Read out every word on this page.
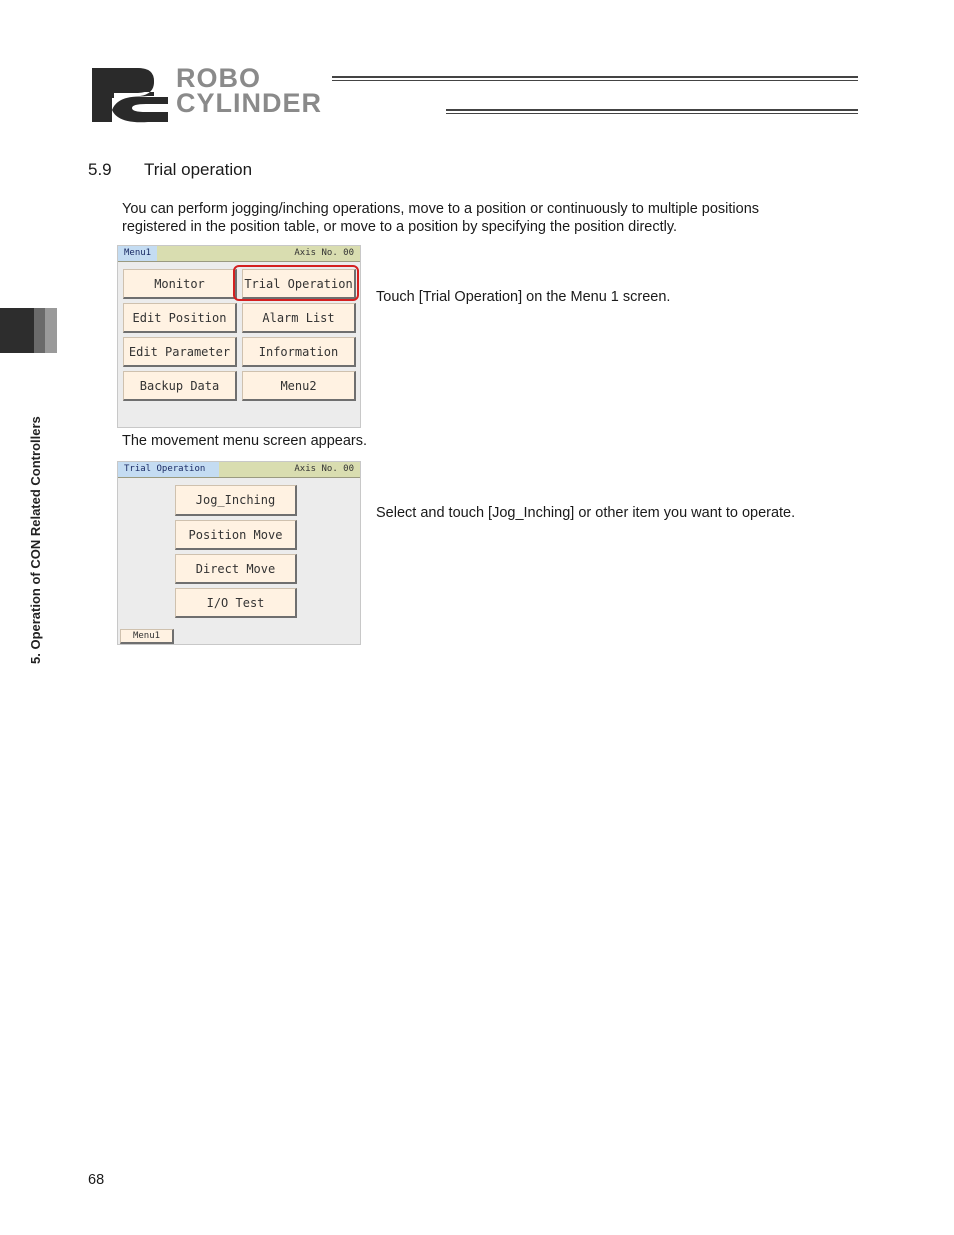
ROBO
CYLINDER
5. Operation of CON Related Controllers
5.9 Trial operation
You can perform jogging/inching operations, move to a position or continuously to multiple positions
registered in the position table, or move to a position by specifying the position directly.
Menu1	Axis No. 00
Monitor	Trial Operation
Edit Position	Alarm List
Edit Parameter	Information
Backup Data	Menu2
Touch [Trial Operation] on the Menu 1 screen.
The movement menu screen appears.
Trial Operation	Axis No. 00
Jog_Inching
Position Move
Direct Move
I/O Test
Menu1
Select and touch [Jog_Inching] or other item you want to operate.
68
